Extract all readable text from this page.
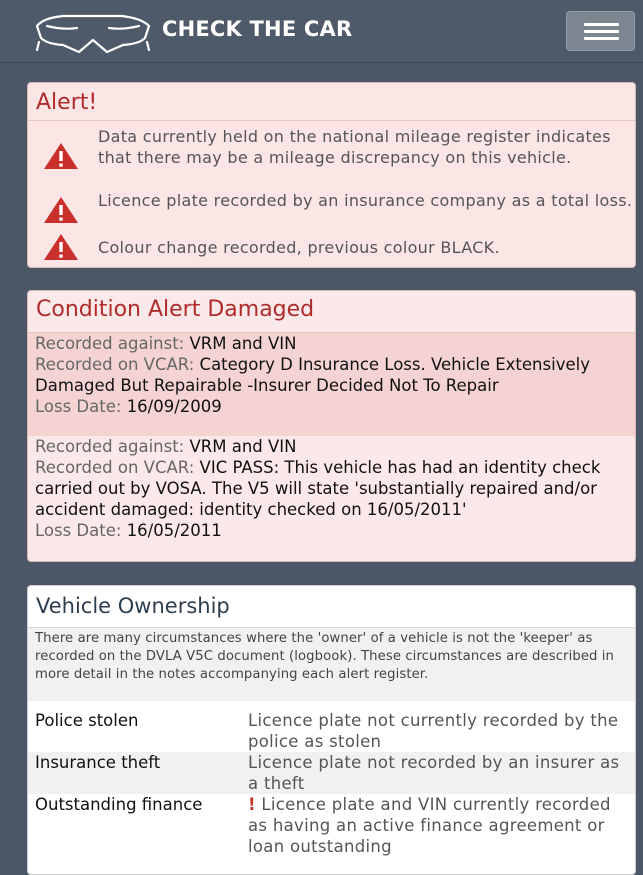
CHECK THE CAR
Alert!
Data currently held on the national mileage register indicates that there may be a mileage discrepancy on this vehicle.
Licence plate recorded by an insurance company as a total loss.
Colour change recorded, previous colour BLACK.
Condition Alert Damaged
Recorded against: VRM and VIN
Recorded on VCAR: Category D Insurance Loss. Vehicle Extensively Damaged But Repairable -Insurer Decided Not To Repair
Loss Date: 16/09/2009
Recorded against: VRM and VIN
Recorded on VCAR: VIC PASS: This vehicle has had an identity check carried out by VOSA. The V5 will state 'substantially repaired and/or accident damaged: identity checked on 16/05/2011'
Loss Date: 16/05/2011
Vehicle Ownership
There are many circumstances where the 'owner' of a vehicle is not the 'keeper' as recorded on the DVLA V5C document (logbook). These circumstances are described in more detail in the notes accompanying each alert register.
Police stolen	Licence plate not currently recorded by the police as stolen
Insurance theft	Licence plate not recorded by an insurer as a theft
Outstanding finance	! Licence plate and VIN currently recorded as having an active finance agreement or loan outstanding
